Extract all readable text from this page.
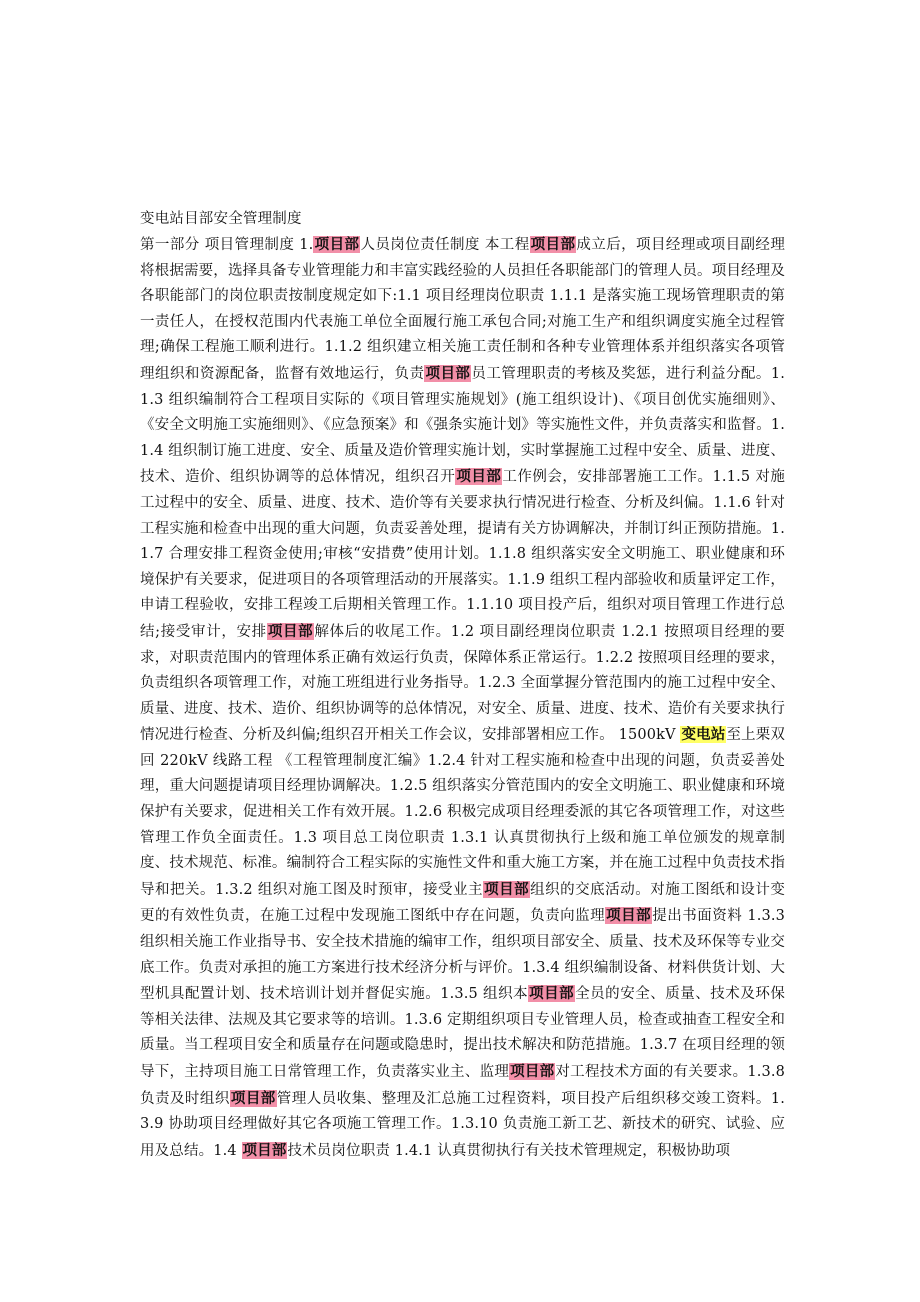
变电站目部安全管理制度

第一部分 项目管理制度 1.项目部人员岗位责任制度 本工程项目部成立后，项目经理或项目副经理将根据需要，选择具备专业管理能力和丰富实践经验的人员担任各职能部门的管理人员。项目经理及各职能部门的岗位职责按制度规定如下:1.1 项目经理岗位职责 1.1.1 是落实施工现场管理职责的第一责任人，在授权范围内代表施工单位全面履行施工承包合同;对施工生产和组织调度实施全过程管理;确保工程施工顺利进行。1.1.2 组织建立相关施工责任制和各种专业管理体系并组织落实各项管理组织和资源配备，监督有效地运行，负责项目部员工管理职责的考核及奖惩，进行利益分配。1.1.3 组织编制符合工程项目实际的《项目管理实施规划》(施工组织设计)、《项目创优实施细则》、《安全文明施工实施细则》、《应急预案》和《强条实施计划》等实施性文件，并负责落实和监督。1.1.4 组织制订施工进度、安全、质量及造价管理实施计划，实时掌握施工过程中安全、质量、进度、技术、造价、组织协调等的总体情况，组织召开项目部工作例会，安排部署施工工作。1.1.5 对施工过程中的安全、质量、进度、技术、造价等有关要求执行情况进行检查、分析及纠偏。1.1.6 针对工程实施和检查中出现的重大问题，负责妥善处理，提请有关方协调解决，并制订纠正预防措施。1.1.7 合理安排工程资金使用;审核“安措费”使用计划。1.1.8 组织落实安全文明施工、职业健康和环境保护有关要求，促进项目的各项管理活动的开展落实。1.1.9 组织工程内部验收和质量评定工作，申请工程验收，安排工程竣工后期相关管理工作。1.1.10 项目投产后，组织对项目管理工作进行总结;接受审计，安排项目部解体后的收尾工作。1.2 项目副经理岗位职责 1.2.1 按照项目经理的要求，对职责范围内的管理体系正确有效运行负责，保障体系正常运行。1.2.2 按照项目经理的要求，负责组织各项管理工作，对施工班组进行业务指导。1.2.3 全面掌握分管范围内的施工过程中安全、质量、进度、技术、造价、组织协调等的总体情况，对安全、质量、进度、技术、造价有关要求执行情况进行检查、分析及纠偏;组织召开相关工作会议，安排部署相应工作。 1500kV 变电站至上栗双回 220kV 线路工程 《工程管理制度汇编》1.2.4 针对工程实施和检查中出现的问题，负责妥善处理，重大问题提请项目经理协调解决。1.2.5 组织落实分管范围内的安全文明施工、职业健康和环境保护有关要求，促进相关工作有效开展。1.2.6 积极完成项目经理委派的其它各项管理工作，对这些管理工作负全面责任。1.3 项目总工岗位职责 1.3.1 认真贯彻执行上级和施工单位颁发的规章制度、技术规范、标准。编制符合工程实际的实施性文件和重大施工方案，并在施工过程中负责技术指导和把关。1.3.2 组织对施工图及时预审，接受业主项目部组织的交底活动。对施工图纸和设计变更的有效性负责，在施工过程中发现施工图纸中存在问题，负责向监理项目部提出书面资料 1.3.3 组织相关施工作业指导书、安全技术措施的编审工作，组织项目部安全、质量、技术及环保等专业交底工作。负责对承担的施工方案进行技术经济分析与评价。1.3.4 组织编制设备、材料供货计划、大型机具配置计划、技术培训计划并督促实施。1.3.5 组织本项目部全员的安全、质量、技术及环保等相关法律、法规及其它要求等的培训。1.3.6 定期组织项目专业管理人员，检查或抽查工程安全和质量。当工程项目安全和质量存在问题或隐患时，提出技术解决和防范措施。1.3.7 在项目经理的领导下，主持项目施工日常管理工作，负责落实业主、监理项目部对工程技术方面的有关要求。1.3.8 负责及时组织项目部管理人员收集、整理及汇总施工过程资料，项目投产后组织移交竣工资料。1.3.9 协助项目经理做好其它各项施工管理工作。1.3.10 负责施工新工艺、新技术的研究、试验、应用及总结。1.4 项目部技术员岗位职责 1.4.1 认真贯彻执行有关技术管理规定，积极协助项
